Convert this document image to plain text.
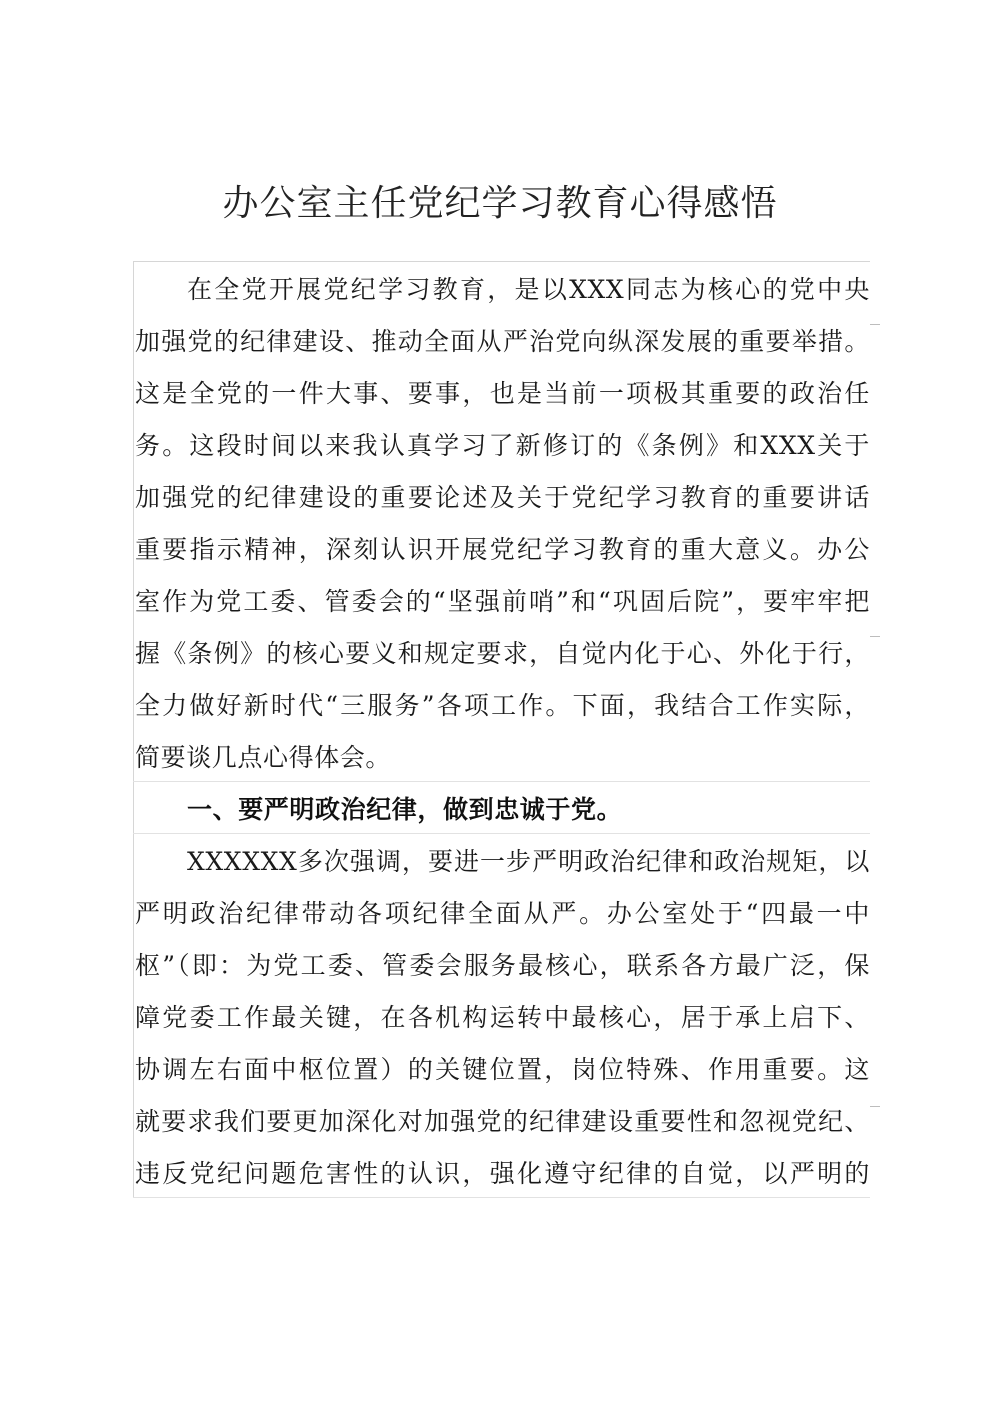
办公室主任党纪学习教育心得感悟
在全党开展党纪学习教育，是以XXX同志为核心的党中央
加强党的纪律建设、推动全面从严治党向纵深发展的重要举措。
这是全党的一件大事、要事，也是当前一项极其重要的政治任
务。这段时间以来我认真学习了新修订的《条例》和XXX关于
加强党的纪律建设的重要论述及关于党纪学习教育的重要讲话
重要指示精神，深刻认识开展党纪学习教育的重大意义。办公
室作为党工委、管委会的“坚强前哨”和“巩固后院”，要牢牢把
握《条例》的核心要义和规定要求，自觉内化于心、外化于行，
全力做好新时代“三服务”各项工作。下面，我结合工作实际，
简要谈几点心得体会。
一、要严明政治纪律，做到忠诚于党。
XXXXXX多次强调，要进一步严明政治纪律和政治规矩，以
严明政治纪律带动各项纪律全面从严。办公室处于“四最一中
枢”（即：为党工委、管委会服务最核心，联系各方最广泛，保
障党委工作最关键，在各机构运转中最核心，居于承上启下、
协调左右面中枢位置）的关键位置，岗位特殊、作用重要。这
就要求我们要更加深化对加强党的纪律建设重要性和忽视党纪、
违反党纪问题危害性的认识，强化遵守纪律的自觉，以严明的
